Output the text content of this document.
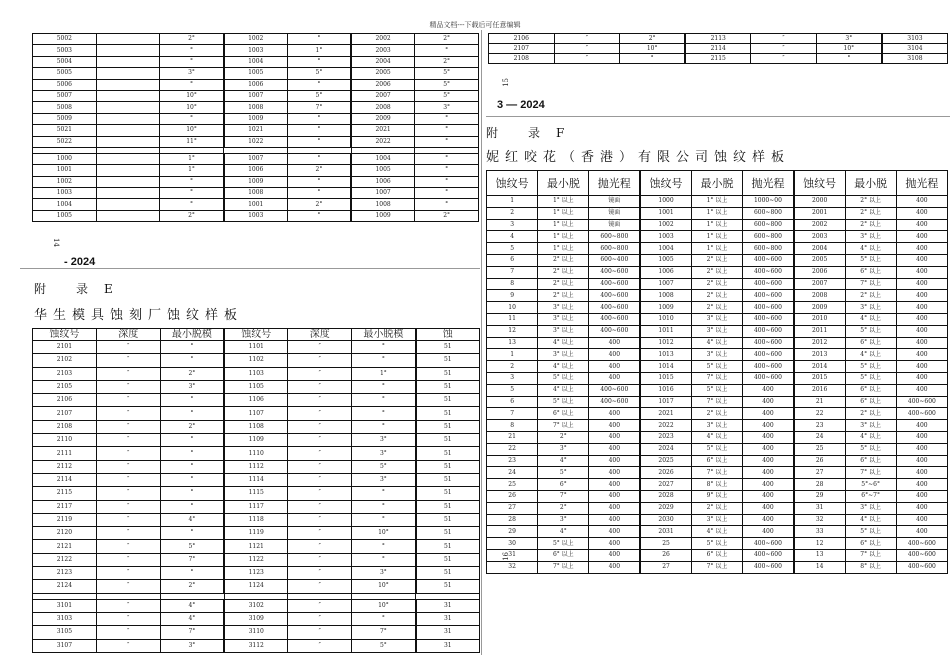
精品文档---下载后可任意编辑
5002		2°	1002	°	2002	2°
5003		°	1003	1°	2003	°
5004		°	1004	°	2004	2°
5005		3°	1005	5°	2005	5°
5006		°	1006	°	2006	5°
5007		10°	1007	5°	2007	5°
5008		10°	1008	7°	2008	3°
5009		°	1009	°	2009	°
5021		10°	1021	°	2021	°
5022		11°	1022	°	2022	°

1000		1°	1007	°	1004	°
1001		1°	1006	2°	1005	°
1002		°	1009	°	1006	°
1003		°	1008	°	1007	°
1004		°	1001	2°	1008	°
1005		2°	1003	°	1009	2°
14
- 2024
附　　录　E
华生模具蚀刻厂蚀纹样板
蚀纹号	深度	最小脱模	蚀纹号	深度	最小脱模	蚀
2101	″	°	1101	″	°	51
2102	″	°	1102	″	°	51
2103	″	2°	1103	″	1°	51
2105	″	3°	1105	″	°	51
2106	″	°	1106	″	°	51
2107	″	°	1107	″	°	51
2108	″	2°	1108	″	°	51
2110	″	°	1109	″	3°	51
2111	″	°	1110	″	3°	51
2112	″	°	1112	″	5°	51
2114	″	°	1114	″	3°	51
2115	″	°	1115	″	°	51
2117	″	°	1117	″	°	51
2119	″	4°	1118	″	°	51
2120	″	°	1119	″	10°	51
2121	″	5°	1121	″	°	51
2122	″	7°	1122	″	°	51
2123	″	°	1123	″	3°	51
2124	″	2°	1124	″	10°	51

3101	″	4°	3102	″	10°	31
3103	″	4°	3109	″	°	31
3105	″	7°	3110	″	7°	31
3107	″	3°	3112	″	5°	31
2106	″	2°	2113	″	3°	3103
2107	″	10°	2114	″	10°	3104
2108	″	°	2115	″	°	3108
15
3 — 2024
附　　录　F
妮红咬花（香港）有限公司蚀纹样板
蚀纹号	最小脱	抛光程	蚀纹号	最小脱	抛光程	蚀纹号	最小脱	抛光程
1	1° 以上	镜面	1000	1° 以上	1000~00	2000	2° 以上	400
2	1° 以上	镜面	1001	1° 以上	600~800	2001	2° 以上	400
3	1° 以上	镜面	1002	1° 以上	600~800	2002	2° 以上	400
4	1° 以上	600~800	1003	1° 以上	600~800	2003	3° 以上	400
5	1° 以上	600~800	1004	1° 以上	600~800	2004	4° 以上	400
6	2° 以上	600~400	1005	2° 以上	400~600	2005	5° 以上	400
7	2° 以上	400~600	1006	2° 以上	400~600	2006	6° 以上	400
8	2° 以上	400~600	1007	2° 以上	400~600	2007	7° 以上	400
9	2° 以上	400~600	1008	2° 以上	400~600	2008	2° 以上	400
10	3° 以上	400~600	1009	2° 以上	400~600	2009	3° 以上	400
11	3° 以上	400~600	1010	3° 以上	400~600	2010	4° 以上	400
12	3° 以上	400~600	1011	3° 以上	400~600	2011	5° 以上	400
13	4° 以上	400	1012	4° 以上	400~600	2012	6° 以上	400
1	3° 以上	400	1013	3° 以上	400~600	2013	4° 以上	400
2	4° 以上	400	1014	5° 以上	400~600	2014	5° 以上	400
3	5° 以上	400	1015	7° 以上	400~600	2015	5° 以上	400
5	4° 以上	400~600	1016	5° 以上	400	2016	6° 以上	400
6	5° 以上	400~600	1017	7° 以上	400	21	6° 以上	400~600
7	6° 以上	400	2021	2° 以上	400	22	2° 以上	400~600
8	7° 以上	400	2022	3° 以上	400	23	3° 以上	400
21	2°	400	2023	4° 以上	400	24	4° 以上	400
22	3°	400	2024	5° 以上	400	25	5° 以上	400
23	4°	400	2025	6° 以上	400	26	6° 以上	400
24	5°	400	2026	7° 以上	400	27	7° 以上	400
25	6°	400	2027	8° 以上	400	28	5°~6°	400
26	7°	400	2028	9° 以上	400	29	6°~7°	400
27	2°	400	2029	2° 以上	400	31	3° 以上	400
28	3°	400	2030	3° 以上	400	32	4° 以上	400
29	4°	400	2031	4° 以上	400	33	5° 以上	400
30	5° 以上	400	25	5° 以上	400~600	12	6° 以上	400~600
31	6° 以上	400	26	6° 以上	400~600	13	7° 以上	400~600
32	7° 以上	400	27	7° 以上	400~600	14	8° 以上	400~600
16
